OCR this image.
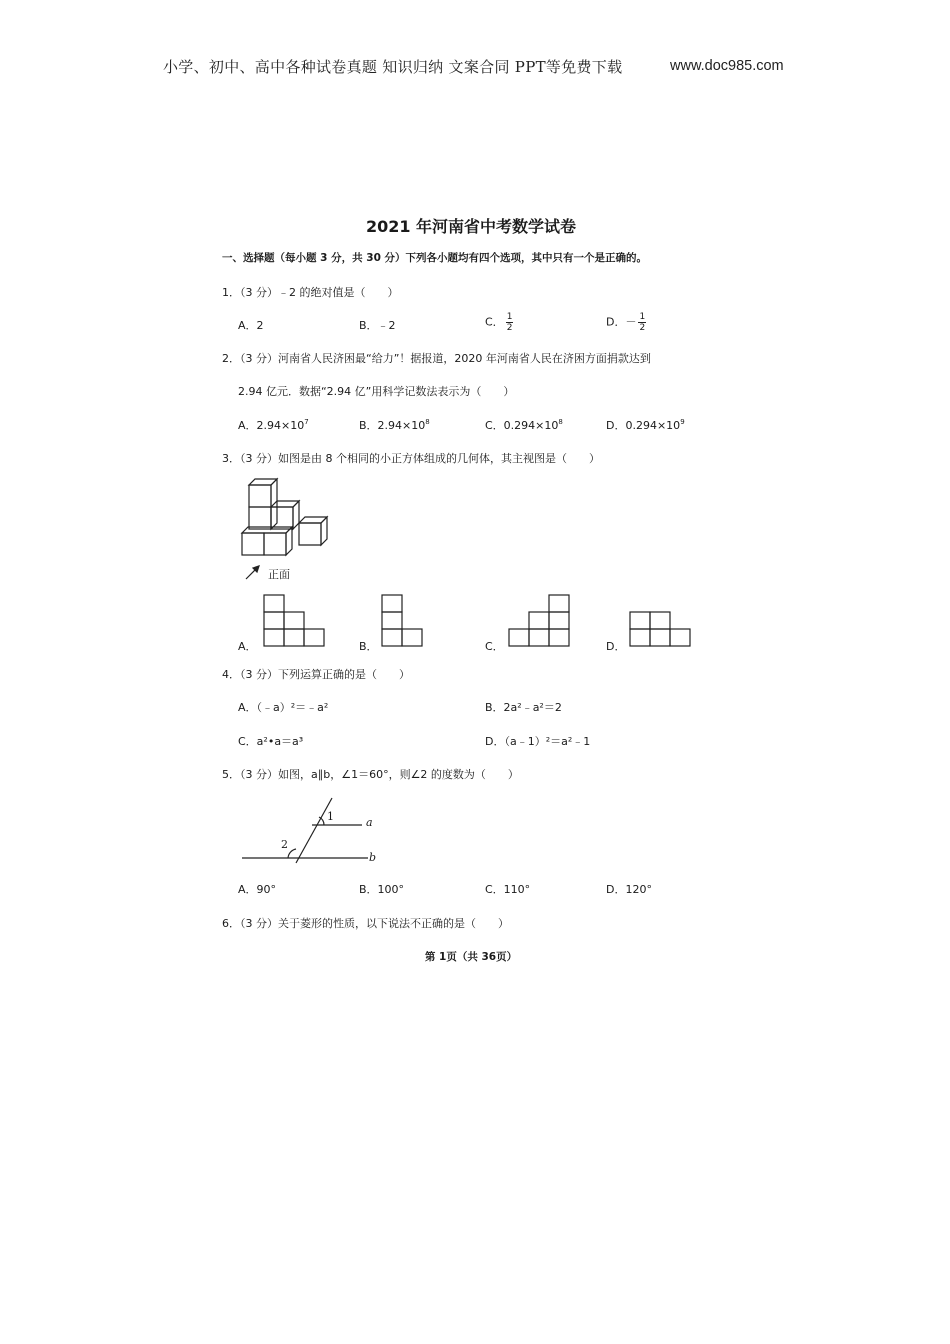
小学、初中、高中各种试卷真题 知识归纳 文案合同 PPT等免费下载	www.doc985.com
2021 年河南省中考数学试卷
一、选择题（每小题 3 分，共 30 分）下列各小题均有四个选项，其中只有一个是正确的。
1．（3 分）﹣2 的绝对值是（　　）
A．2	B．﹣2	C． $\frac{1}{2}$	D．－ $\frac{1}{2}$
2．（3 分）河南省人民济困最“给力”！据报道，2020 年河南省人民在济困方面捐款达到
2.94 亿元．数据“2.94 亿”用科学记数法表示为（　　）
A．$2.94\times 10^7$	B．$2.94\times 10^8$	C．$0.294\times 10^8$	D．$0.294\times 10^9$
3．（3 分）如图是由 8 个相同的小正方体组成的几何体，其主视图是（　　）
正面
A．	B．	C．	D．
4．（3 分）下列运算正确的是（　　）
A．（﹣a）²＝﹣a²	B．2a²﹣a²＝2
C．a²•a＝a³	D．（a﹣1）²＝a²﹣1
5．（3 分）如图，a∥b，∠1＝60°，则∠2 的度数为（　　）
1
2
a
b
A．90°	B．100°	C．110°	D．120°
6．（3 分）关于菱形的性质，以下说法不正确的是（　　）
第 1页（共 36页）
